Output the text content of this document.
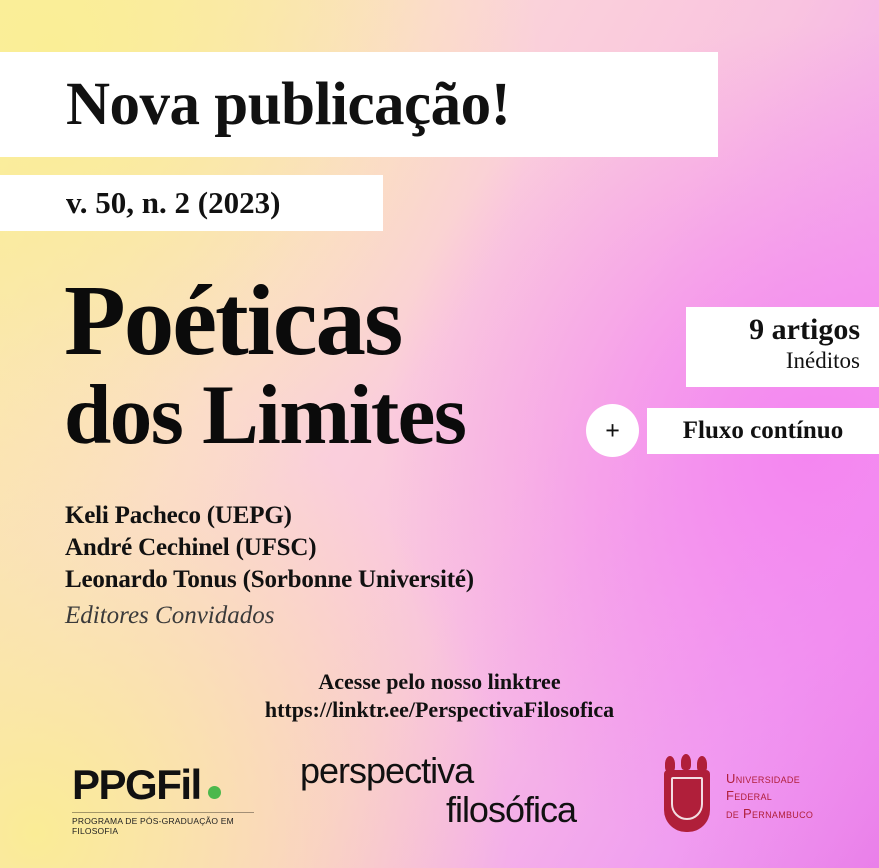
Nova publicação!
v. 50, n. 2 (2023)
Poéticas
dos Limites
Keli Pacheco (UEPG)
André Cechinel (UFSC)
Leonardo Tonus (Sorbonne Université)
Editores Convidados
9 artigos
Inéditos
+	Fluxo contínuo
Acesse pelo nosso linktree
https://linktr.ee/PerspectivaFilosofica
PPGFil
PROGRAMA DE PÓS-GRADUAÇÃO EM FILOSOFIA
perspectiva
filosófica
Universidade
Federal
de Pernambuco
